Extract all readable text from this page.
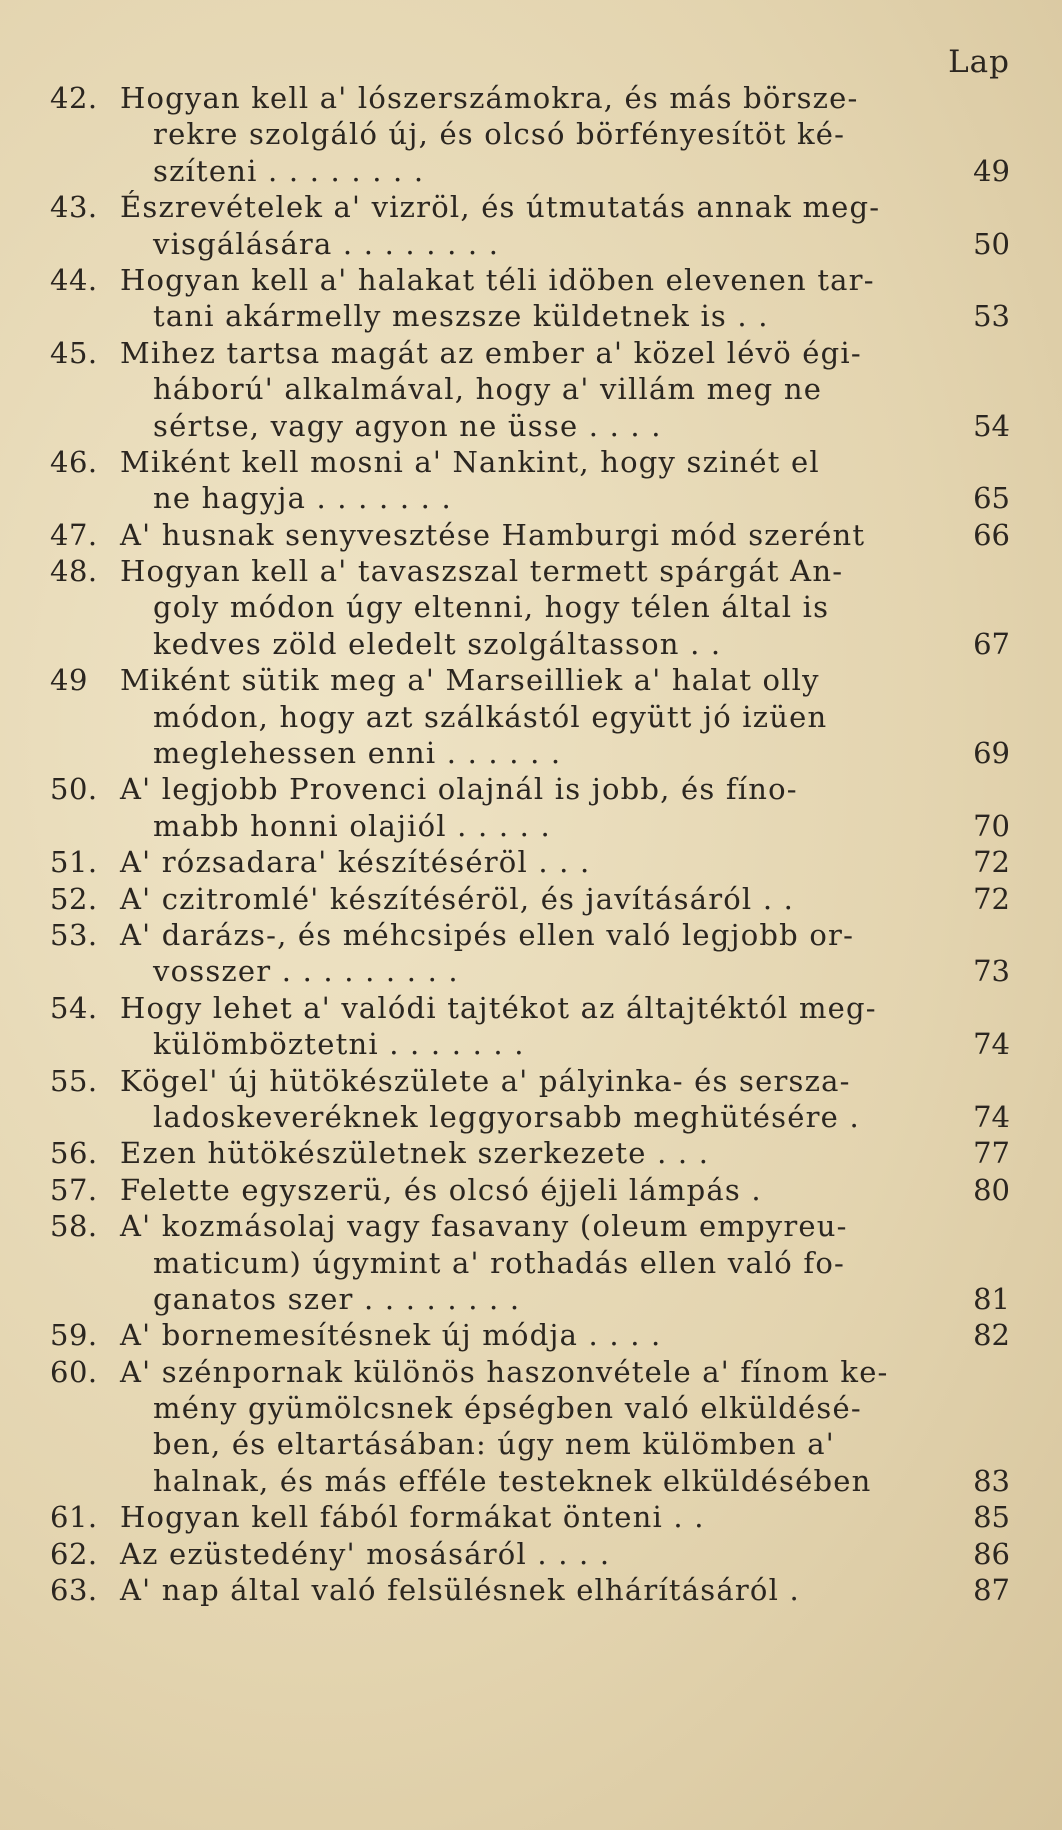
Lap
42. Hogyan kell a' lószerszámokra, és más börsze-
rekre szolgáló új, és olcsó börfényesítöt ké-
szíteni . . . . . . . .	49
43. Észrevételek a' vizröl, és útmutatás annak meg-
visgálására . . . . . . . .	50
44. Hogyan kell a' halakat téli idöben elevenen tar-
tani akármelly meszsze küldetnek is . .	53
45. Mihez tartsa magát az ember a' közel lévö égi-
háború' alkalmával, hogy a' villám meg ne
sértse, vagy agyon ne üsse . . . .	54
46. Miként kell mosni a' Nankint, hogy szinét el
ne hagyja . . . . . . .	65
47. A' husnak senyvesztése Hamburgi mód szerént	66
48. Hogyan kell a' tavaszszal termett spárgát An-
goly módon úgy eltenni, hogy télen által is
kedves zöld eledelt szolgáltasson . .	67
49	Miként sütik meg a' Marseilliek a' halat olly
módon, hogy azt szálkástól együtt jó izüen
meglehessen enni . . . . . .	69
50. A' legjobb Provenci olajnál is jobb, és fíno-
mabb honni olajiól . . . . .	70
51. A' rózsadara' készítéséröl . . .	72
52. A' czitromlé' készítéséröl, és javításáról . .	72
53. A' darázs-, és méhcsipés ellen való legjobb or-
vosszer . . . . . . . . .	73
54. Hogy lehet a' valódi tajtékot az áltajtéktól meg-
külömböztetni . . . . . . .	74
55. Kögel' új hütökészülete a' pályinka- és sersza-
ladoskeveréknek leggyorsabb meghütésére .	74
56. Ezen hütökészületnek szerkezete . . .	77
57. Felette egyszerü, és olcsó éjjeli lámpás .	80
58. A' kozmásolaj vagy fasavany (oleum empyreu-
maticum) úgymint a' rothadás ellen való fo-
ganatos szer . . . . . . . .	81
59. A' bornemesítésnek új módja . . . .	82
60. A' szénpornak különös haszonvétele a' fínom ke-
mény gyümölcsnek épségben való elküldésé-
ben, és eltartásában: úgy nem külömben a'
halnak, és más efféle testeknek elküldésében	83
61. Hogyan kell fából formákat önteni . .	85
62. Az ezüstedény' mosásáról . . . .	86
63. A' nap által való felsülésnek elhárításáról .	87
